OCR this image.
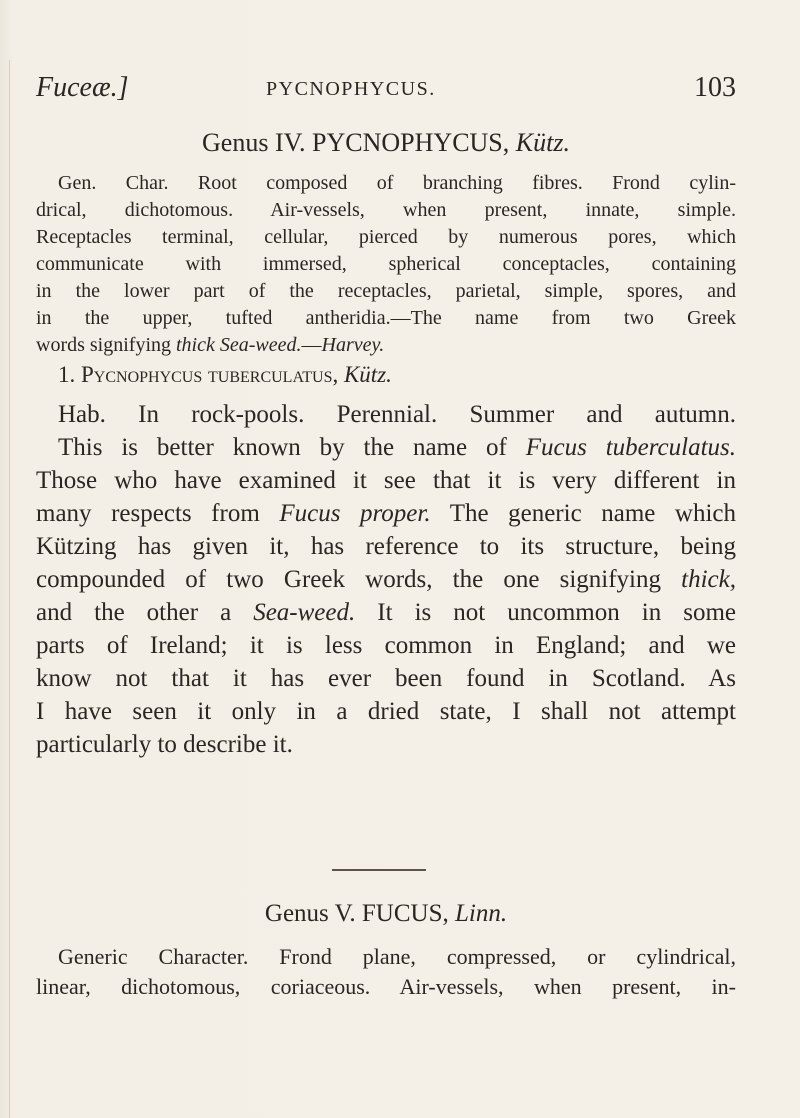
Fuceæ.]	PYCNOPHYCUS.	103
Genus IV. PYCNOPHYCUS, Kütz.
Gen. Char. Root composed of branching fibres. Frond cylin-
drical, dichotomous. Air-vessels, when present, innate, simple.
Receptacles terminal, cellular, pierced by numerous pores, which
communicate with immersed, spherical conceptacles, containing
in the lower part of the receptacles, parietal, simple, spores, and
in the upper, tufted antheridia.—The name from two Greek
words signifying thick Sea-weed.—Harvey.
1. Pycnophycus tuberculatus, Kütz.
Hab. In rock-pools. Perennial. Summer and autumn.
This is better known by the name of Fucus tuberculatus.
Those who have examined it see that it is very different in
many respects from Fucus proper. The generic name which
Kützing has given it, has reference to its structure, being
compounded of two Greek words, the one signifying thick,
and the other a Sea-weed. It is not uncommon in some
parts of Ireland; it is less common in England; and we
know not that it has ever been found in Scotland. As
I have seen it only in a dried state, I shall not attempt
particularly to describe it.
Genus V. FUCUS, Linn.
Generic Character. Frond plane, compressed, or cylindrical,
linear, dichotomous, coriaceous. Air-vessels, when present, in-
